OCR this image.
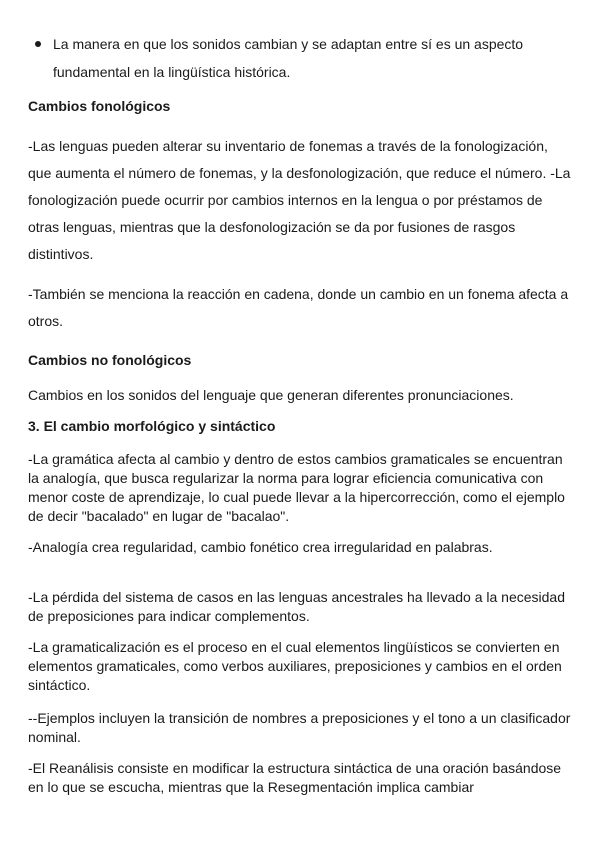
La manera en que los sonidos cambian y se adaptan entre sí es un aspecto fundamental en la lingüística histórica.
Cambios fonológicos

-Las lenguas pueden alterar su inventario de fonemas a través de la fonologización, que aumenta el número de fonemas, y la desfonologización, que reduce el número. -La fonologización puede ocurrir por cambios internos en la lengua o por préstamos de otras lenguas, mientras que la desfonologización se da por fusiones de rasgos distintivos.

-También se menciona la reacción en cadena, donde un cambio en un fonema afecta a otros.

Cambios no fonológicos

Cambios en los sonidos del lenguaje que generan diferentes pronunciaciones.

3. El cambio morfológico y sintáctico

-La gramática afecta al cambio y dentro de estos cambios gramaticales se encuentran la analogía, que busca regularizar la norma para lograr eficiencia comunicativa con menor coste de aprendizaje, lo cual puede llevar a la hipercorrección, como el ejemplo de decir "bacalado" en lugar de "bacalao".

-Analogía crea regularidad, cambio fonético crea irregularidad en palabras.

-La pérdida del sistema de casos en las lenguas ancestrales ha llevado a la necesidad de preposiciones para indicar complementos.

-La gramaticalización es el proceso en el cual elementos lingüísticos se convierten en elementos gramaticales, como verbos auxiliares, preposiciones y cambios en el orden sintáctico.

--Ejemplos incluyen la transición de nombres a preposiciones y el tono a un clasificador nominal.

-El Reanálisis consiste en modificar la estructura sintáctica de una oración basándose en lo que se escucha, mientras que la Resegmentación implica cambiar
